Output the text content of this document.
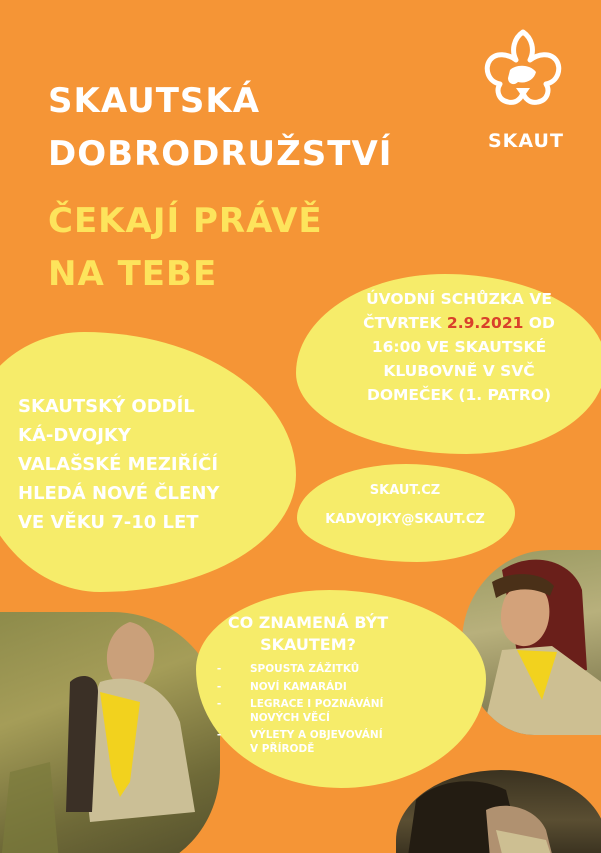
SKAUT
SKAUTSKÁ
DOBRODRUŽSTVÍ
ČEKAJÍ PRÁVĚ
NA TEBE
ÚVODNÍ SCHŮZKA VE
ČTVRTEK 2.9.2021 OD
16:00 VE SKAUTSKÉ
KLUBOVNĚ V SVČ
DOMEČEK (1. PATRO)
SKAUTSKÝ ODDÍL
KÁ-DVOJKY
VALAŠSKÉ MEZIŘÍČÍ
HLEDÁ NOVÉ ČLENY
VE VĚKU 7-10 LET
SKAUT.CZ
KADVOJKY@SKAUT.CZ
CO ZNAMENÁ BÝT
SKAUTEM?
-	SPOUSTA ZÁŽITKŮ
-	NOVÍ KAMARÁDI
-	LEGRACE I POZNÁVÁNÍ
NOVÝCH VĚCÍ
-	VÝLETY A OBJEVOVÁNÍ
V PŘÍRODĚ
